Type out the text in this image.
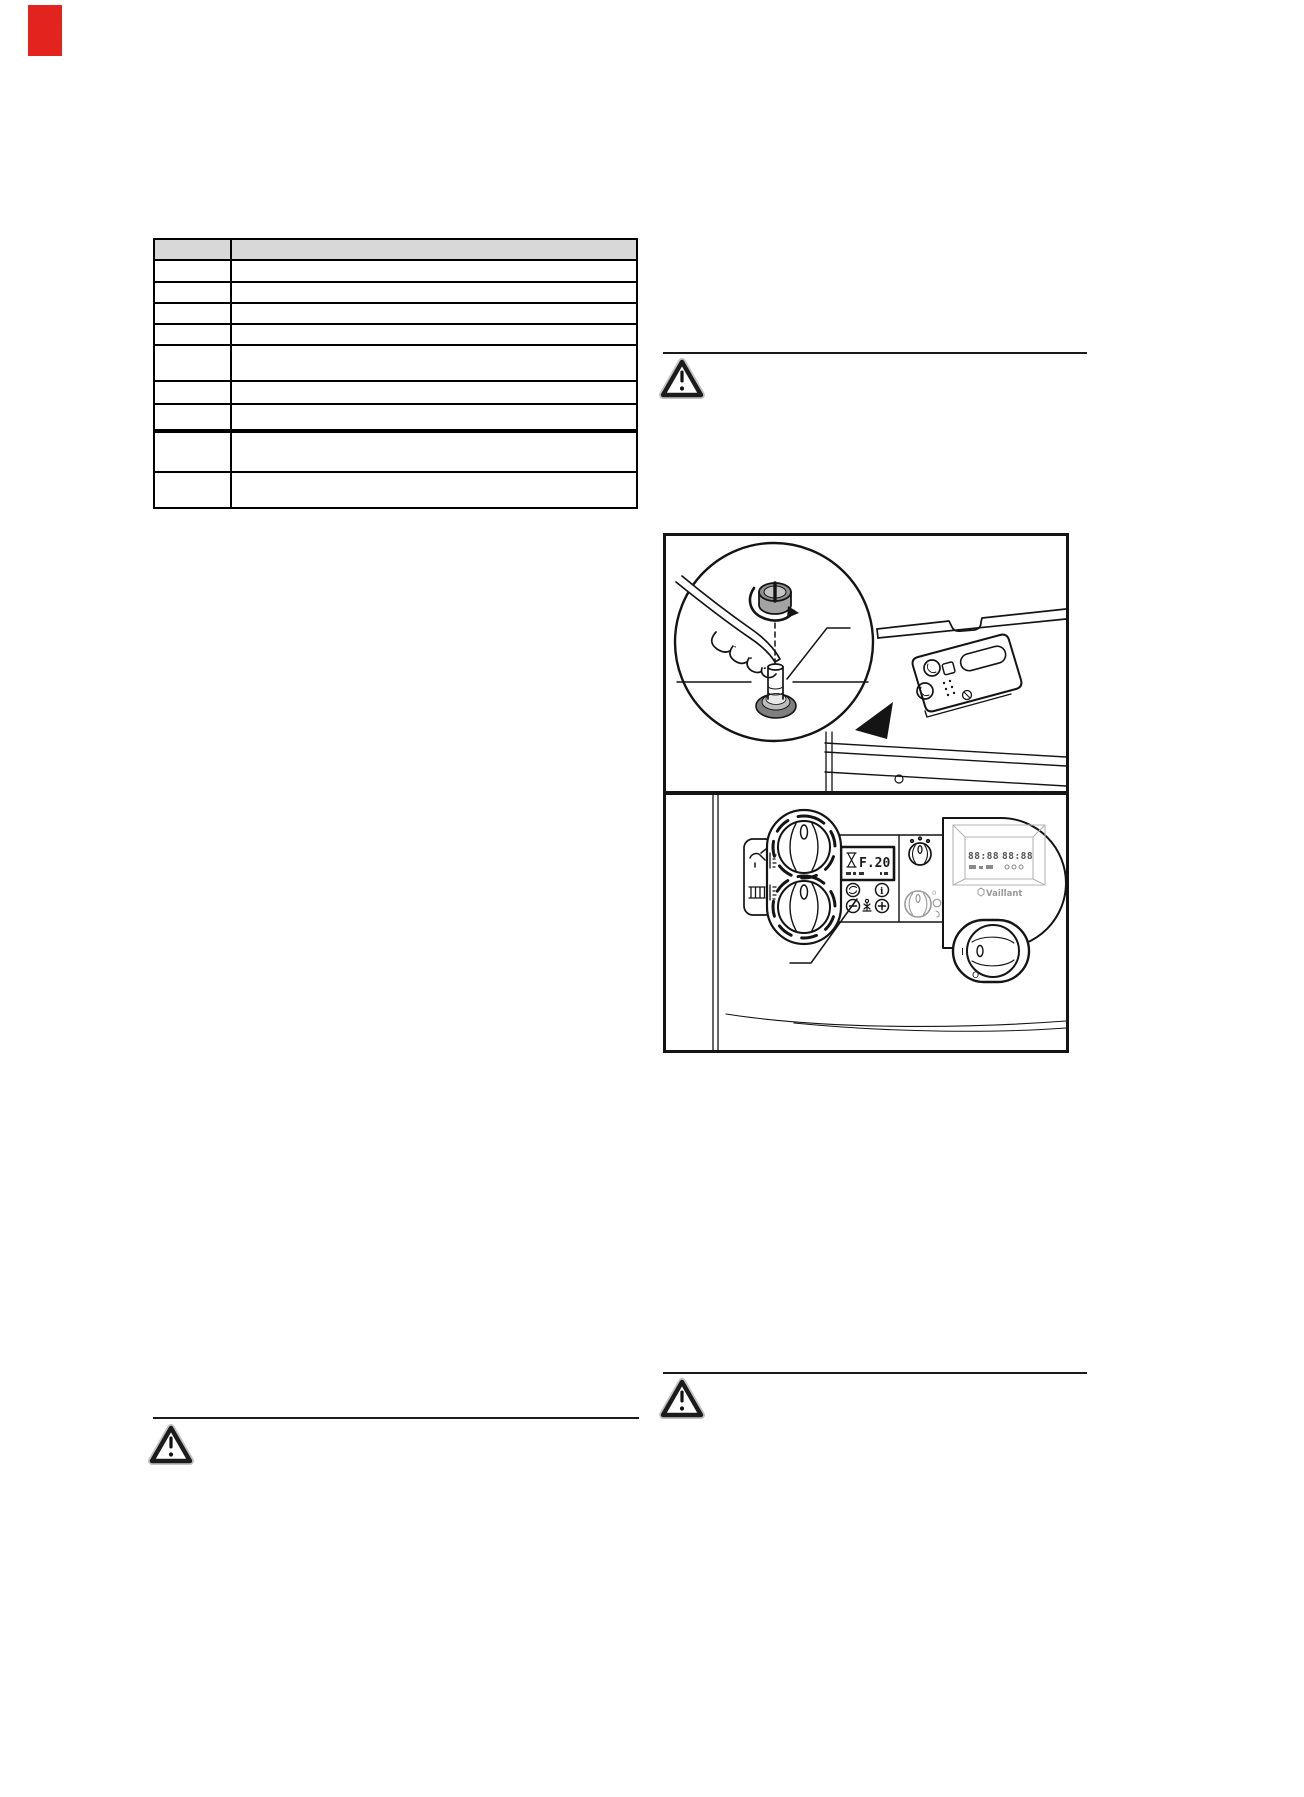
F.20
i	0
88:88 88:88
Vaillant
I
O
